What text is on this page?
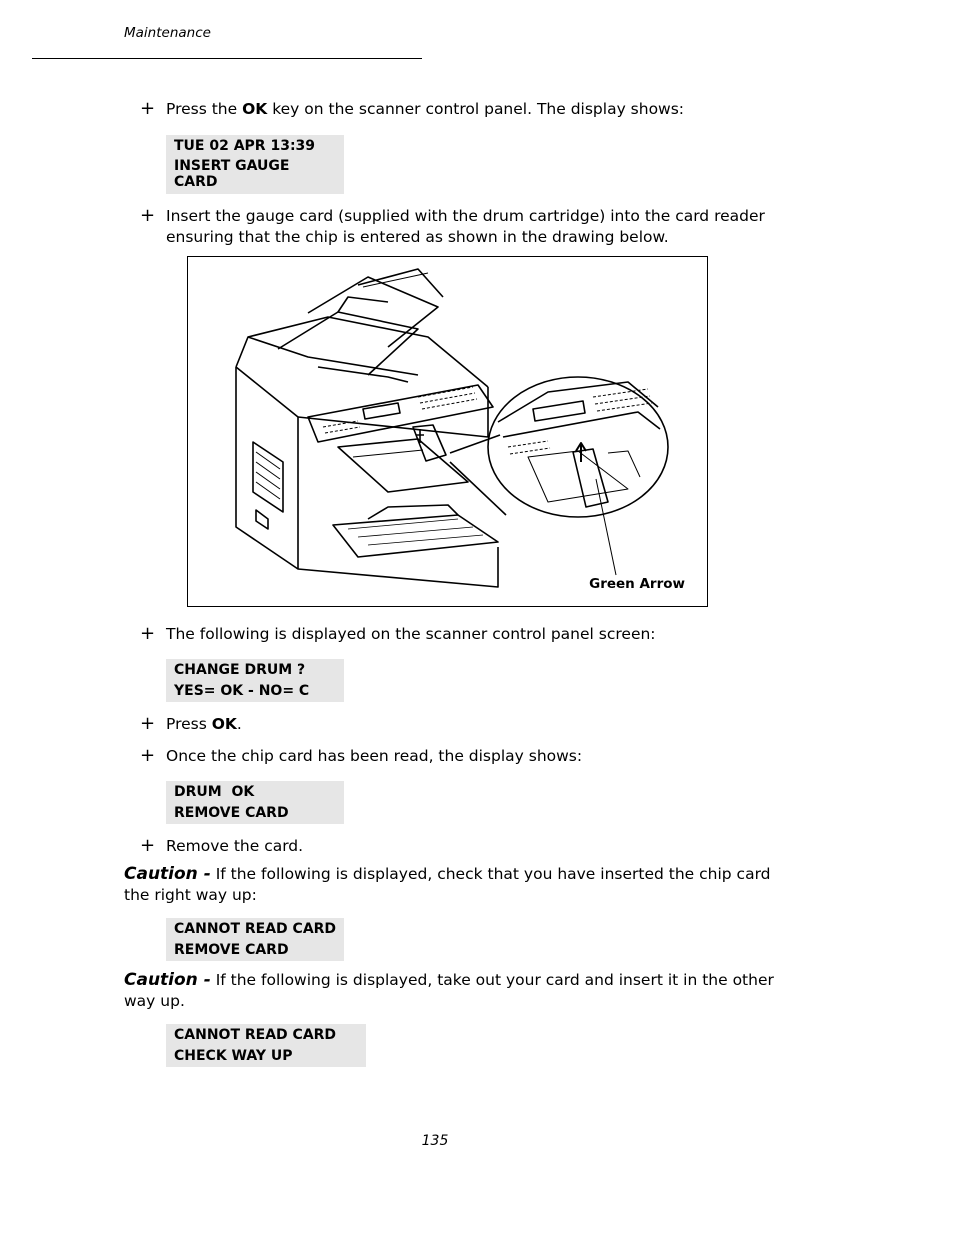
Maintenance
+ Press the OK key on the scanner control panel. The display shows:
TUE 02 APR 13:39
INSERT GAUGE
CARD
+ Insert the gauge card (supplied with the drum cartridge) into the card reader ensuring that the chip is entered as shown in the drawing below.
Green Arrow
+ The following is displayed on the scanner control panel screen:
CHANGE DRUM ?
YES= OK - NO= C
+ Press OK.
+ Once the chip card has been read, the display shows:
DRUM  OK
REMOVE CARD
+ Remove the card.
Caution - If the following is displayed, check that you have inserted the chip card the right way up:
CANNOT READ CARD
REMOVE CARD
Caution - If the following is displayed, take out your card and insert it in the other way up.
CANNOT READ CARD
CHECK WAY UP
135
